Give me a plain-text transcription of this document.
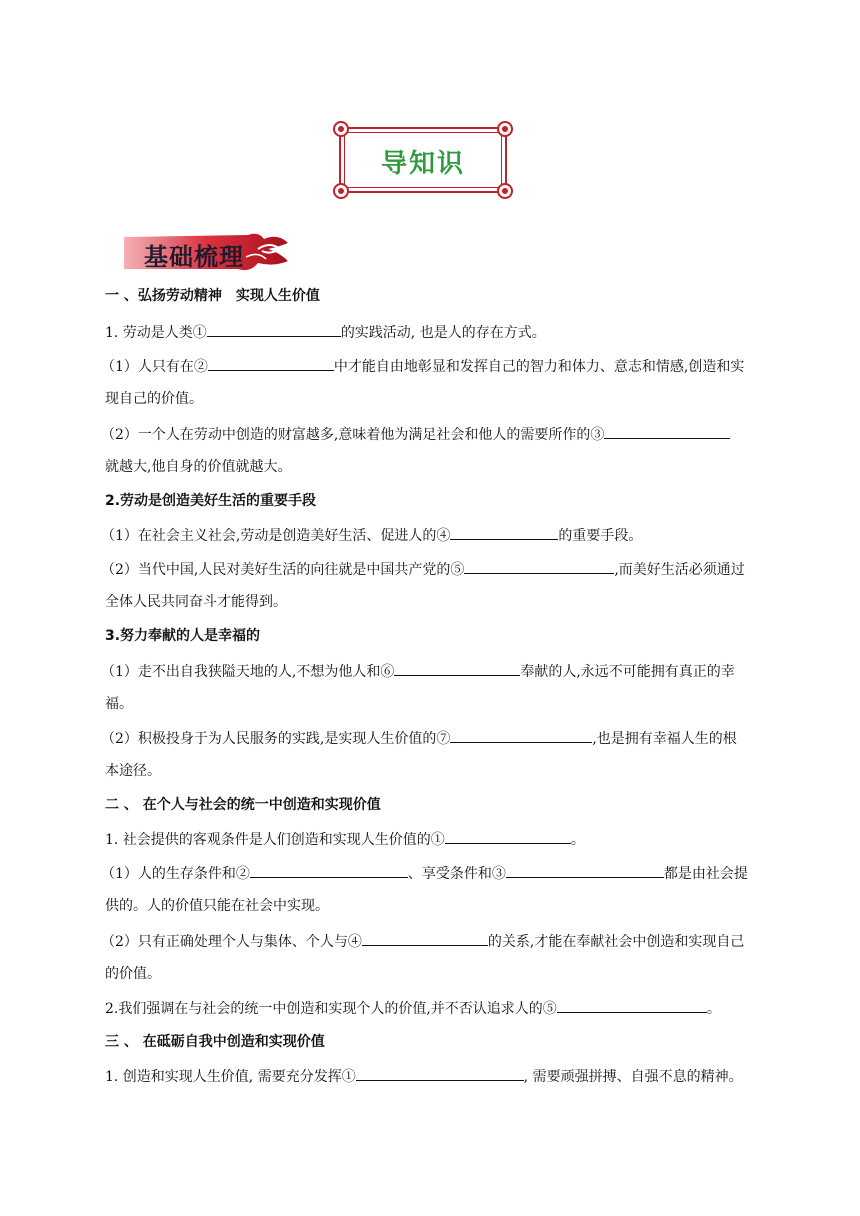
导知识
基础梳理
一 、弘扬劳动精神　实现人生价值
1. 劳动是人类①	的实践活动, 也是人的存在方式。
（1）人只有在②	中才能自由地彰显和发挥自己的智力和体力、意志和情感,创造和实
现自己的价值。
（2）一个人在劳动中创造的财富越多,意味着他为满足社会和他人的需要所作的③
就越大,他自身的价值就越大。
2.劳动是创造美好生活的重要手段
（1）在社会主义社会,劳动是创造美好生活、促进人的④	的重要手段。
（2）当代中国,人民对美好生活的向往就是中国共产党的⑤	,而美好生活必须通过
全体人民共同奋斗才能得到。
3.努力奉献的人是幸福的
（1）走不出自我狭隘天地的人,不想为他人和⑥	奉献的人,永远不可能拥有真正的幸
福。
（2）积极投身于为人民服务的实践,是实现人生价值的⑦	,也是拥有幸福人生的根
本途径。
二 、 在个人与社会的统一中创造和实现价值
1. 社会提供的客观条件是人们创造和实现人生价值的①	。
（1）人的生存条件和②	、享受条件和③	都是由社会提
供的。人的价值只能在社会中实现。
（2）只有正确处理个人与集体、个人与④	的关系,才能在奉献社会中创造和实现自己
的价值。
2.我们强调在与社会的统一中创造和实现个人的价值,并不否认追求人的⑤	。
三 、 在砥砺自我中创造和实现价值
1. 创造和实现人生价值, 需要充分发挥①	, 需要顽强拼搏、自强不息的精神。
